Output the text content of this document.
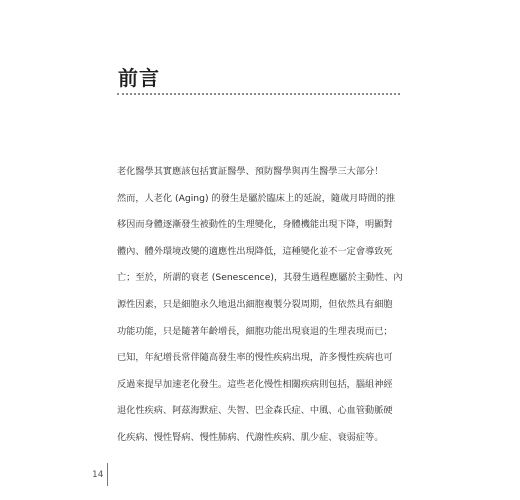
前言
老化醫學其實應該包括實証醫學、預防醫學與再生醫學三大部分！
然而，人老化 (Aging) 的發生是屬於臨床上的延說，隨歲月時間的推
移因而身體逐漸發生被動性的生理變化，身體機能出現下降，明顯對
體內、體外環境改變的適應性出現降低，這種變化並不一定會導致死
亡；至於，所謂的衰老 (Senescence)，其發生過程應屬於主動性、內
源性因素，只是細胞永久地退出細胞複製分裂周期，但依然具有細胞
功能功能，只是隨著年齡增長，細胞功能出現衰退的生理表現而已；
已知，年紀增長常伴隨高發生率的慢性疾病出現，許多慢性疾病也可
反過來提早加速老化發生。這些老化慢性相關疾病則包括，腦組神經
退化性疾病、阿茲海默症、失智、巴金森氏症、中風、心血管動脈硬
化疾病、慢性腎病、慢性肺病、代謝性疾病、肌少症、衰弱症等。
14
